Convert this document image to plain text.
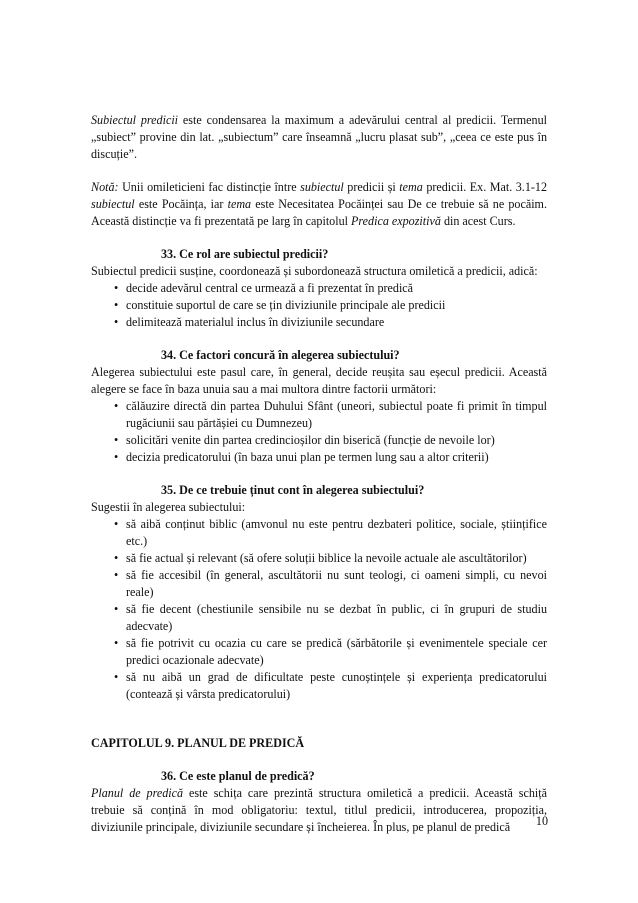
Subiectul predicii este condensarea la maximum a adevărului central al predicii. Termenul „subiect” provine din lat. „subiectum” care înseamnă „lucru plasat sub”, „ceea ce este pus în discuție”.

Notă: Unii omileticieni fac distincție între subiectul predicii și tema predicii. Ex. Mat. 3.1-12 subiectul este Pocăința, iar tema este Necesitatea Pocăinței sau De ce trebuie să ne pocăim. Această distincție va fi prezentată pe larg în capitolul Predica expozitivă din acest Curs.

33. Ce rol are subiectul predicii?

Subiectul predicii susține, coordonează și subordonează structura omiletică a predicii, adică:

• decide adevărul central ce urmează a fi prezentat în predică
• constituie suportul de care se țin diviziunile principale ale predicii
• delimitează materialul inclus în diviziunile secundare
34. Ce factori concură în alegerea subiectului?

Alegerea subiectului este pasul care, în general, decide reușita sau eșecul predicii. Această alegere se face în baza unuia sau a mai multora dintre factorii următori:

• călăuzire directă din partea Duhului Sfânt (uneori, subiectul poate fi primit în timpul rugăciunii sau părtășiei cu Dumnezeu)
• solicitări venite din partea credincioșilor din biserică (funcție de nevoile lor)
• decizia predicatorului (în baza unui plan pe termen lung sau a altor criterii)
35. De ce trebuie ținut cont în alegerea subiectului?

Sugestii în alegerea subiectului:

• să aibă conținut biblic (amvonul nu este pentru dezbateri politice, sociale, științifice etc.)
• să fie actual și relevant (să ofere soluții biblice la nevoile actuale ale ascultătorilor)
• să fie accesibil (în general, ascultătorii nu sunt teologi, ci oameni simpli, cu nevoi reale)
• să fie decent (chestiunile sensibile nu se dezbat în public, ci în grupuri de studiu adecvate)
• să fie potrivit cu ocazia cu care se predică (sărbătorile și evenimentele speciale cer predici ocazionale adecvate)
• să nu aibă un grad de dificultate peste cunoștințele și experiența predicatorului (contează și vârsta predicatorului)
CAPITOLUL 9. PLANUL DE PREDICĂ
36. Ce este planul de predică?

Planul de predică este schița care prezintă structura omiletică a predicii. Această schiță trebuie să conțină în mod obligatoriu: textul, titlul predicii, introducerea, propoziția, diviziunile principale, diviziunile secundare și încheierea. În plus, pe planul de predică	10
